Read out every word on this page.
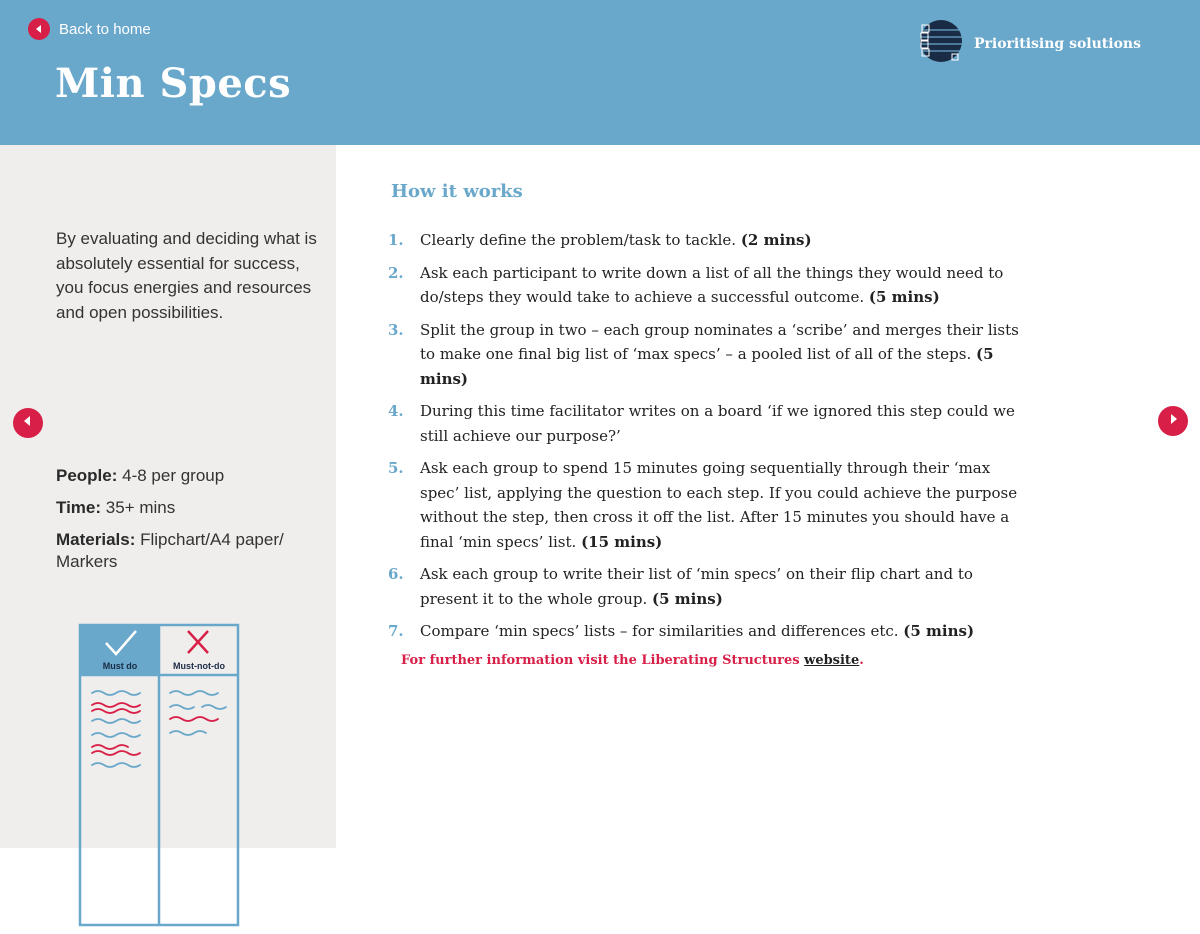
Back to home
Min Specs
Prioritising solutions

By evaluating and deciding what is absolutely essential for success, you focus energies and resources and open possibilities.

People: 4-8 per group

Time: 35+ mins

Materials: Flipchart/A4 paper/ Markers

Must do	Must-not-do
How it works
1.	Clearly define the problem/task to tackle. (2 mins)
2.	Ask each participant to write down a list of all the things they would need to do/steps they would take to achieve a successful outcome. (5 mins)
3.	Split the group in two – each group nominates a ‘scribe’ and merges their lists to make one final big list of ‘max specs’ – a pooled list of all of the steps. (5 mins)
4.	During this time facilitator writes on a board ‘if we ignored this step could we still achieve our purpose?’
5.	Ask each group to spend 15 minutes going sequentially through their ‘max spec’ list, applying the question to each step. If you could achieve the purpose without the step, then cross it off the list. After 15 minutes you should have a final ‘min specs’ list. (15 mins)
6.	Ask each group to write their list of ‘min specs’ on their flip chart and to present it to the whole group. (5 mins)
7.	Compare ‘min specs’ lists – for similarities and differences etc. (5 mins)

For further information visit the Liberating Structures website.
